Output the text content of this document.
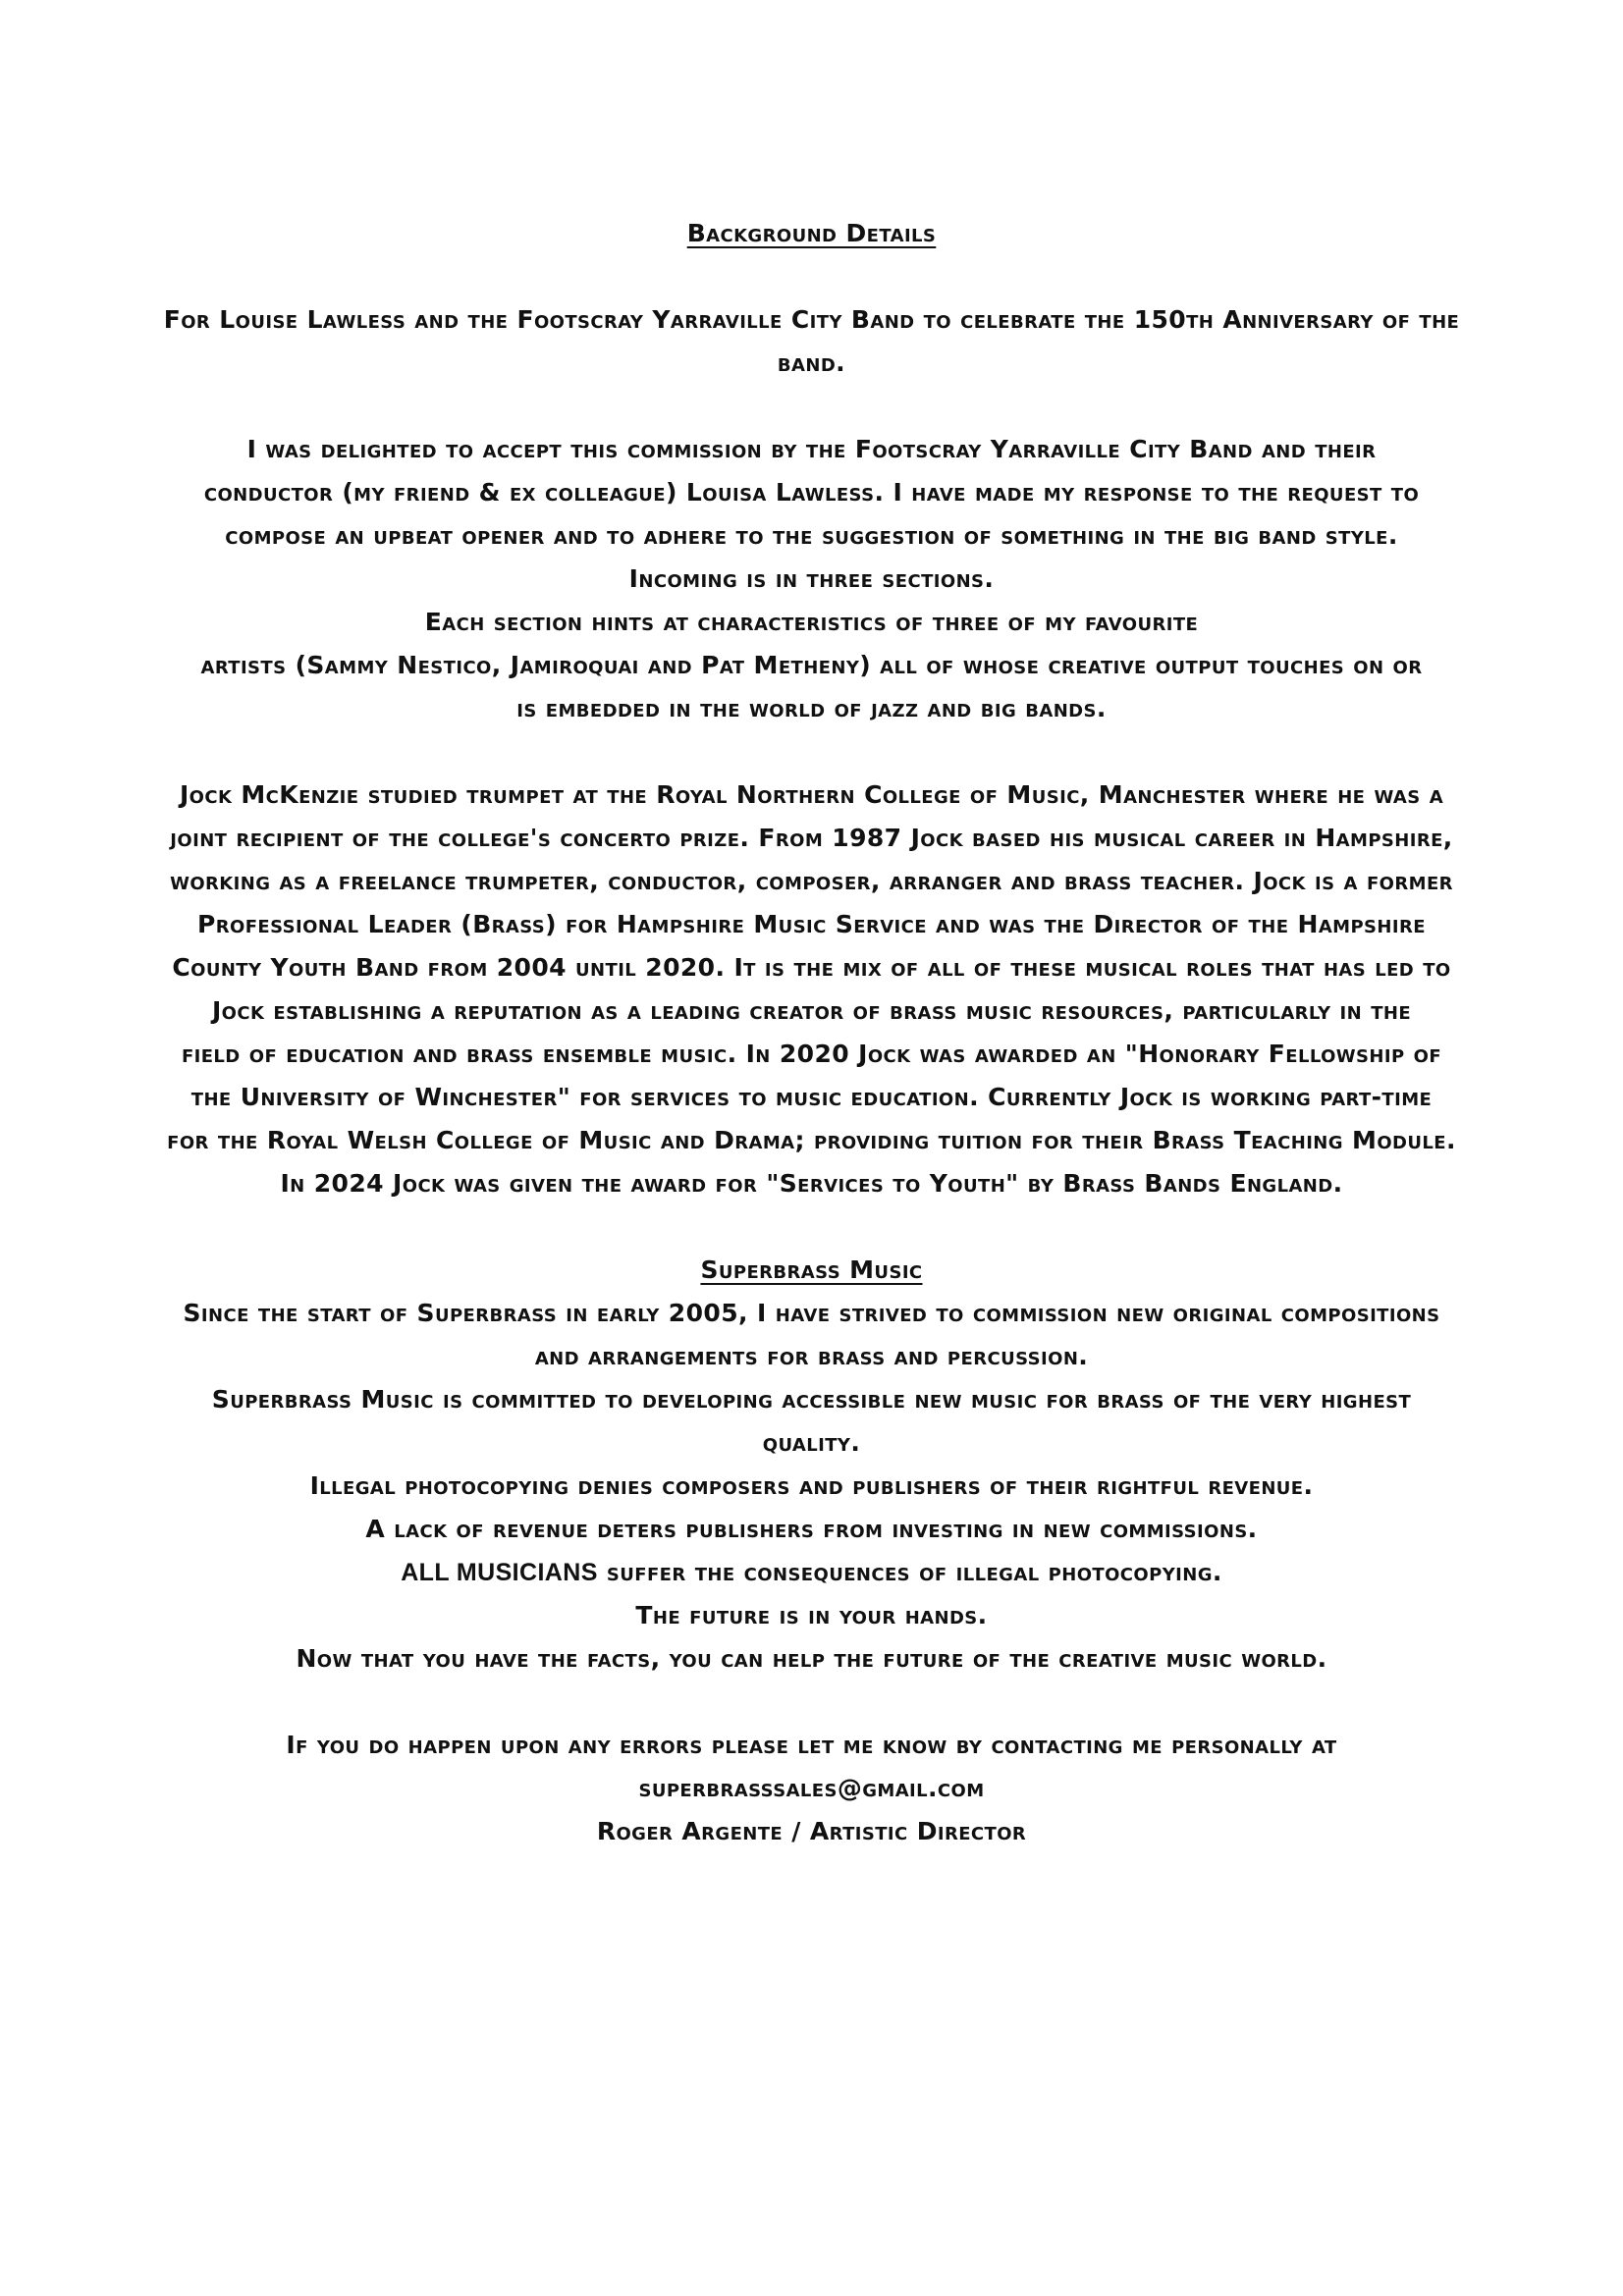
Background Details
For Louise Lawless and the Footscray Yarraville City Band to celebrate the 150th Anniversary of the
band.
I was delighted to accept this commission by the Footscray Yarraville City Band and their
conductor (my friend & ex colleague) Louisa Lawless. I have made my response to the request to
compose an upbeat opener and to adhere to the suggestion of something in the big band style.
Incoming is in three sections.
Each section hints at characteristics of three of my favourite
artists (Sammy Nestico, Jamiroquai and Pat Metheny) all of whose creative output touches on or
is embedded in the world of jazz and big bands.
Jock McKenzie studied trumpet at the Royal Northern College of Music, Manchester where he was a
joint recipient of the college's concerto prize. From 1987 Jock based his musical career in Hampshire,
working as a freelance trumpeter, conductor, composer, arranger and brass teacher. Jock is a former
Professional Leader (Brass) for Hampshire Music Service and was the Director of the Hampshire
County Youth Band from 2004 until 2020. It is the mix of all of these musical roles that has led to
Jock establishing a reputation as a leading creator of brass music resources, particularly in the
field of education and brass ensemble music. In 2020 Jock was awarded an "Honorary Fellowship of
the University of Winchester" for services to music education. Currently Jock is working part-time
for the Royal Welsh College of Music and Drama; providing tuition for their Brass Teaching Module.
In 2024 Jock was given the award for "Services to Youth" by Brass Bands England.
Superbrass Music
Since the start of Superbrass in early 2005, I have strived to commission new original compositions
and arrangements for brass and percussion.
Superbrass Music is committed to developing accessible new music for brass of the very highest
quality.
Illegal photocopying denies composers and publishers of their rightful revenue.
A lack of revenue deters publishers from investing in new commissions.
ALL MUSICIANS suffer the consequences of illegal photocopying.
The future is in your hands.
Now that you have the facts, you can help the future of the creative music world.
If you do happen upon any errors please let me know by contacting me personally at
superbrasssales@gmail.com
Roger Argente / Artistic Director
